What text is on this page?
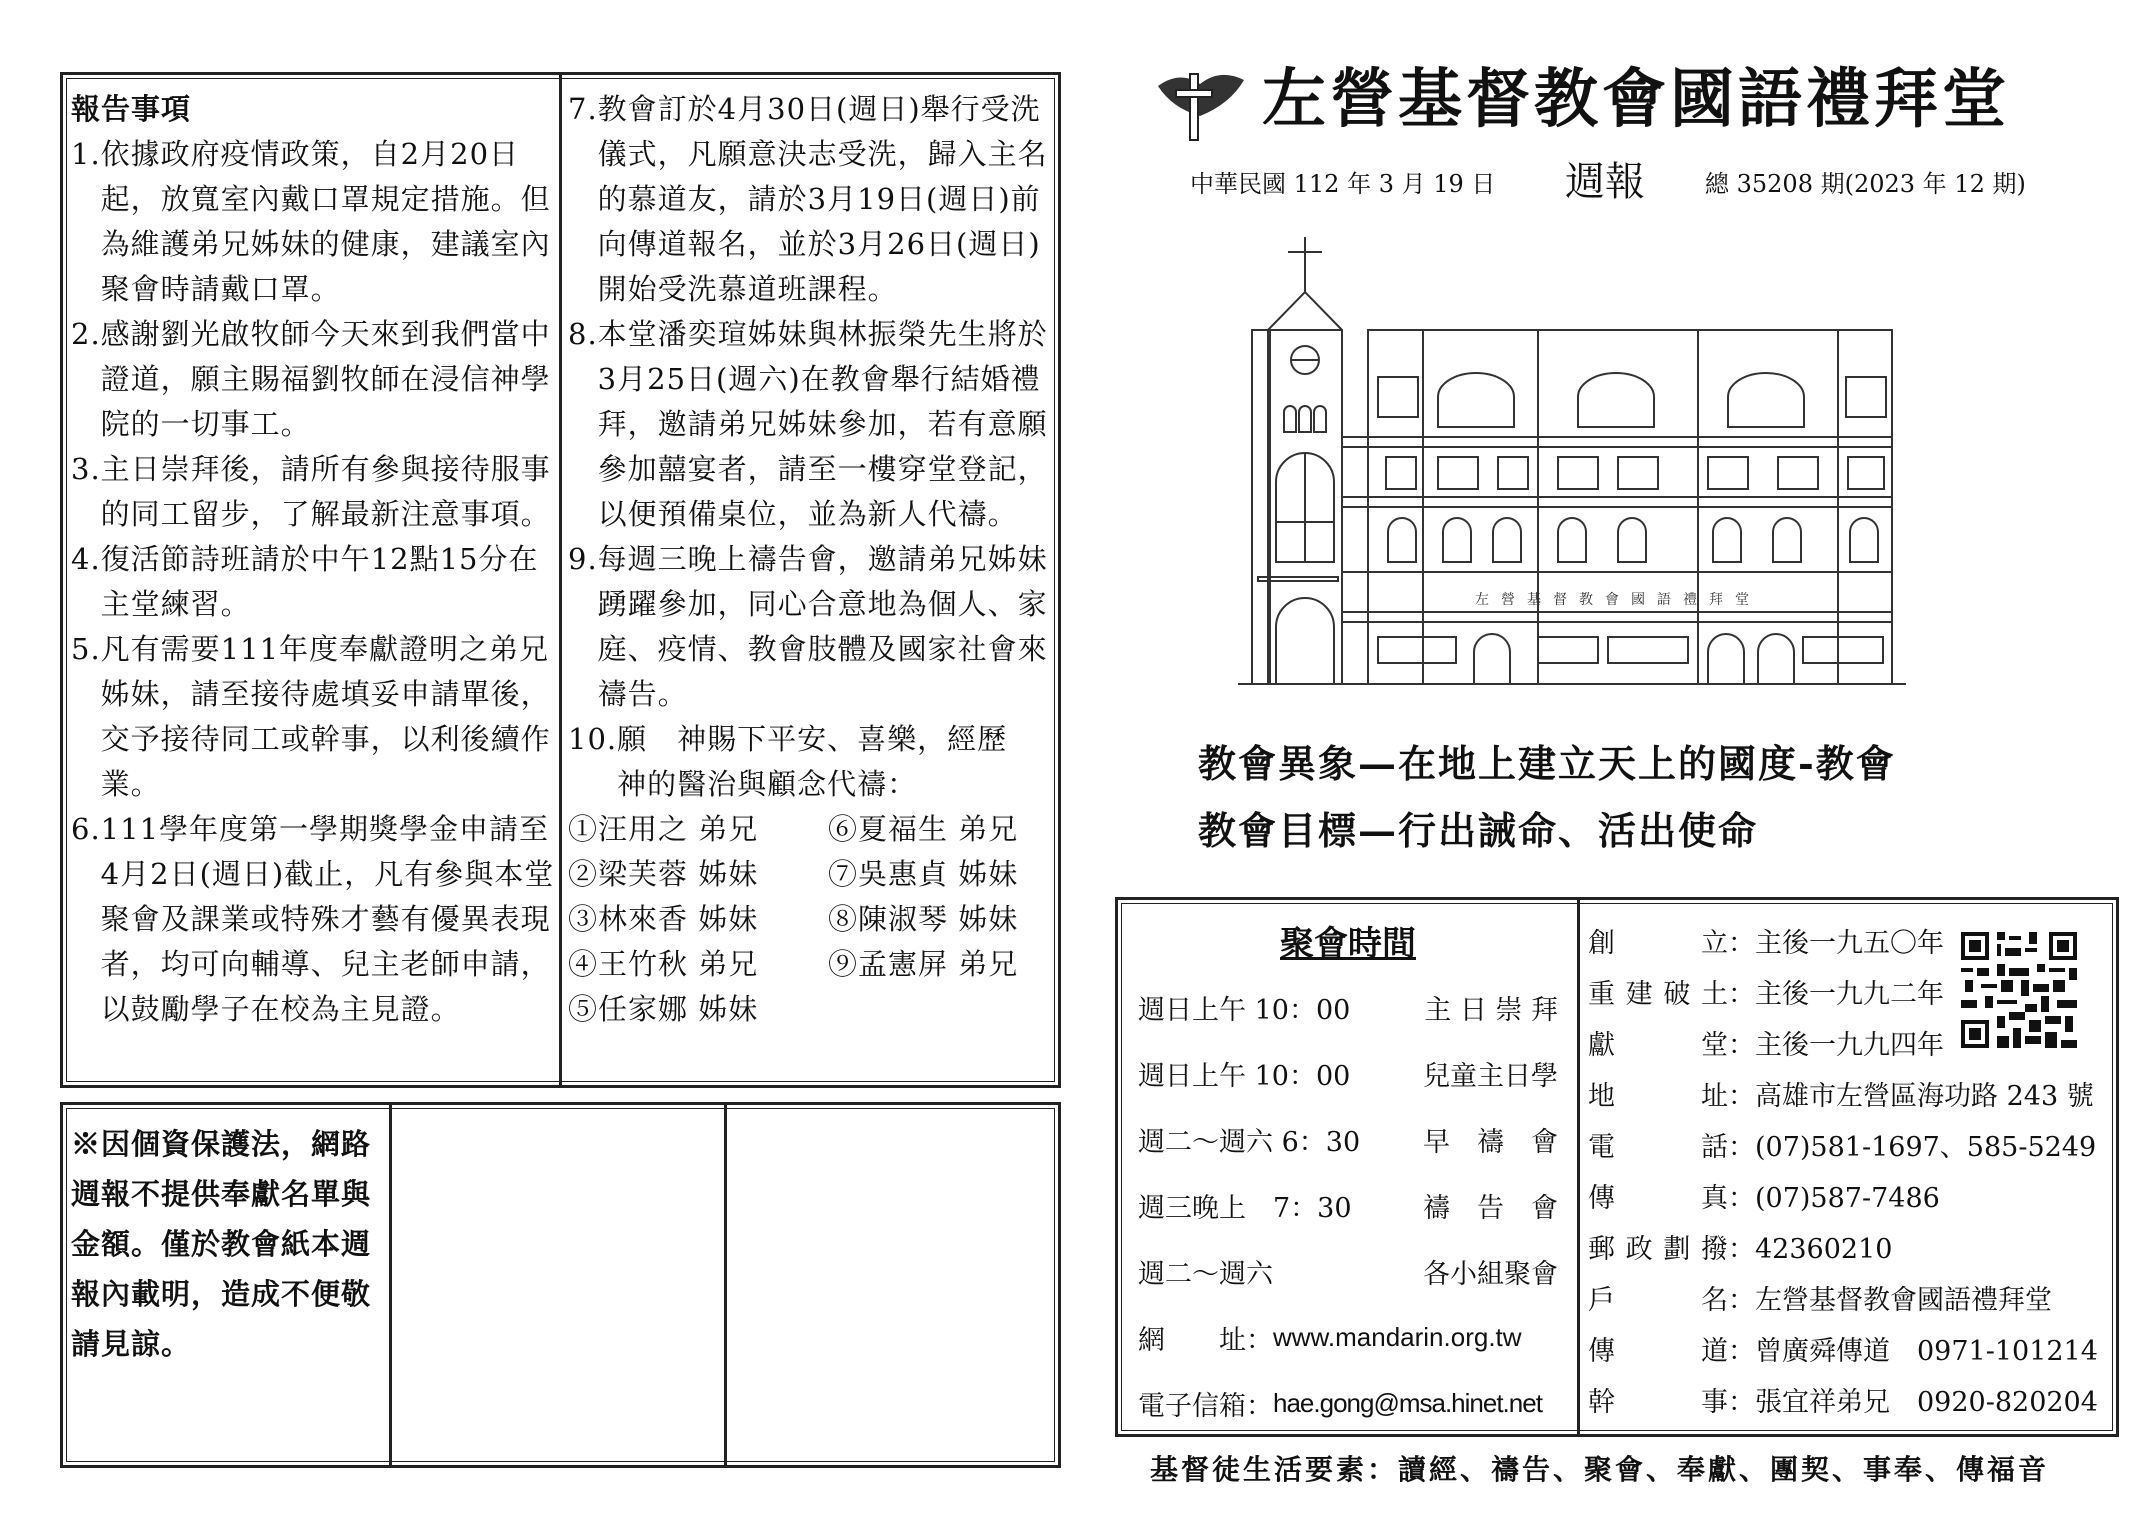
報告事項
1. 依據政府疫情政策，自2月20日起，放寬室內戴口罩規定措施。但為維護弟兄姊妹的健康，建議室內聚會時請戴口罩。
2. 感謝劉光啟牧師今天來到我們當中證道，願主賜福劉牧師在浸信神學院的一切事工。
3. 主日崇拜後，請所有參與接待服事的同工留步，了解最新注意事項。
4. 復活節詩班請於中午12點15分在主堂練習。
5. 凡有需要111年度奉獻證明之弟兄姊妹，請至接待處填妥申請單後，交予接待同工或幹事，以利後續作業。
6. 111學年度第一學期獎學金申請至4月2日(週日)截止，凡有參與本堂聚會及課業或特殊才藝有優異表現者，均可向輔導、兒主老師申請，以鼓勵學子在校為主見證。
7. 教會訂於4月30日(週日)舉行受洗儀式，凡願意決志受洗，歸入主名的慕道友，請於3月19日(週日)前向傳道報名，並於3月26日(週日)開始受洗慕道班課程。
8. 本堂潘奕瑄姊妹與林振榮先生將於3月25日(週六)在教會舉行結婚禮拜，邀請弟兄姊妹參加，若有意願參加囍宴者，請至一樓穿堂登記，以便預備桌位，並為新人代禱。
9. 每週三晚上禱告會，邀請弟兄姊妹踴躍參加，同心合意地為個人、家庭、疫情、教會肢體及國家社會來禱告。
10. 願　神賜下平安、喜樂，經歷　神的醫治與顧念代禱：
①汪用之 弟兄	⑥夏福生 弟兄
②梁芙蓉 姊妹	⑦吳惠貞 姊妹
③林來香 姊妹	⑧陳淑琴 姊妹
④王竹秋 弟兄	⑨孟憲屏 弟兄
⑤任家娜 姊妹
※因個資保護法，網路週報不提供奉獻名單與金額。僅於教會紙本週報內載明，造成不便敬請見諒。
左營基督教會國語禮拜堂
中華民國 112 年 3 月 19 日 週報	總 35208 期(2023 年 12 期)
左營基督教會國語禮拜堂
教會異象—在地上建立天上的國度-教會
教會目標—行出誡命、活出使命
聚會時間
週日上午 10：00	主 日 崇 拜
週日上午 10：00	兒童主日學
週二～週六 6：30 早　禱　會
週三晚上　7：30	禱　告　會
週二～週六	各小組聚會
網　　址： www.mandarin.org.tw
電子信箱： hae.gong@msa.hinet.net
創立：主後一九五〇年
重建破土：主後一九九二年
獻堂：主後一九九四年
地址：高雄市左營區海功路 243 號
電話：(07)581-1697、585-5249
傳真：(07)587-7486
郵政劃撥：42360210
戶名：左營基督教會國語禮拜堂
傳道：曾廣舜傳道　0971-101214
幹事：張宜祥弟兄　0920-820204
基督徒生活要素：讀經、禱告、聚會、奉獻、團契、事奉、傳福音
